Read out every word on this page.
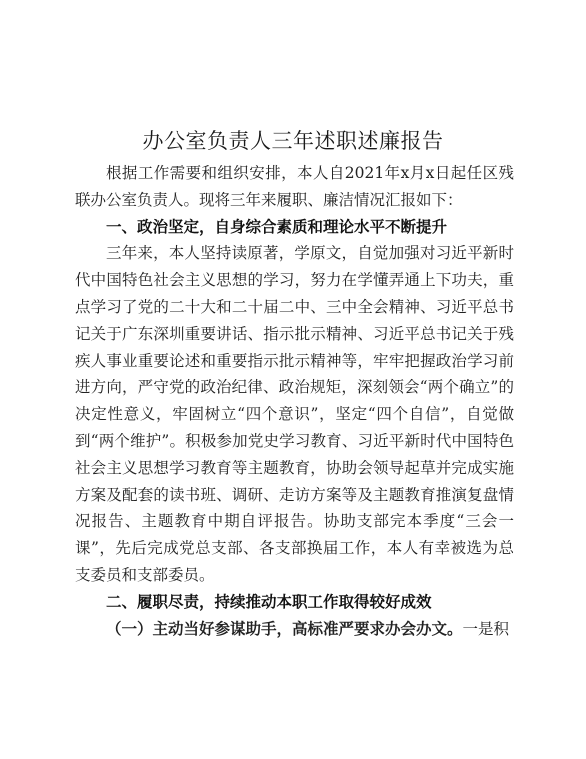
办公室负责人三年述职述廉报告

根据工作需要和组织安排，本人自2021年x月x日起任区残联办公室负责人。现将三年来履职、廉洁情况汇报如下：

一、政治坚定，自身综合素质和理论水平不断提升

三年来，本人坚持读原著，学原文，自觉加强对习近平新时代中国特色社会主义思想的学习，努力在学懂弄通上下功夫，重点学习了党的二十大和二十届二中、三中全会精神、习近平总书记关于广东深圳重要讲话、指示批示精神、习近平总书记关于残疾人事业重要论述和重要指示批示精神等，牢牢把握政治学习前进方向，严守党的政治纪律、政治规矩，深刻领会“两个确立”的决定性意义，牢固树立“四个意识”，坚定“四个自信”，自觉做到“两个维护”。积极参加党史学习教育、习近平新时代中国特色社会主义思想学习教育等主题教育，协助会领导起草并完成实施方案及配套的读书班、调研、走访方案等及主题教育推演复盘情况报告、主题教育中期自评报告。协助支部完本季度“三会一课”，先后完成党总支部、各支部换届工作，本人有幸被选为总支委员和支部委员。

二、履职尽责，持续推动本职工作取得较好成效

（一）主动当好参谋助手，高标准严要求办会办文。一是积
